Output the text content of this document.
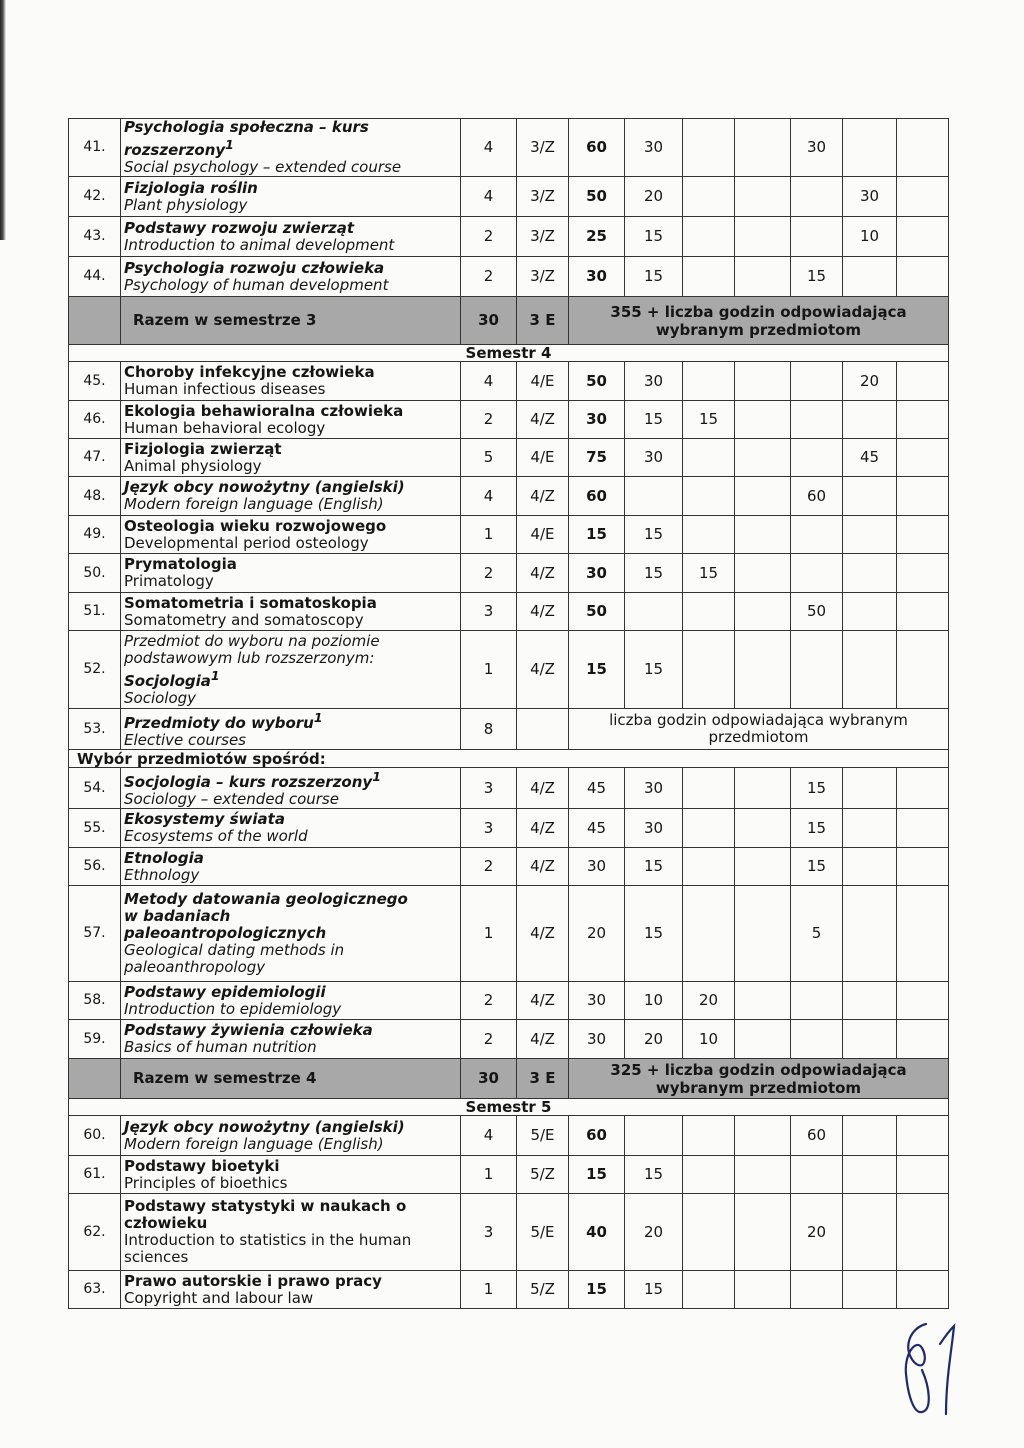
41.	Psychologia społeczna – kurs rozszerzony$^1$
Social psychology – extended course	4	3/Z	60	30			30		
42.	Fizjologia roślin
Plant physiology	4	3/Z	50	20				30	
43.	Podstawy rozwoju zwierząt
Introduction to animal development	2	3/Z	25	15				10	
44.	Psychologia rozwoju człowieka
Psychology of human development	2	3/Z	30	15			15		
	Razem w semestrze 3	30	3 E	355 + liczba godzin odpowiadająca
wybranym przedmiotom						

Semestr 4										
45.	Choroby infekcyjne człowieka
Human infectious diseases	4	4/E	50	30				20	
46.	Ekologia behawioralna człowieka
Human behavioral ecology	2	4/Z	30	15	15				
47.	Fizjologia zwierząt
Animal physiology	5	4/E	75	30				45	
48.	Język obcy nowożytny (angielski)
Modern foreign language (English)	4	4/Z	60				60		
49.	Osteologia wieku rozwojowego
Developmental period osteology	1	4/E	15	15					
50.	Prymatologia
Primatology	2	4/Z	30	15	15				
51.	Somatometria i somatoskopia
Somatometry and somatoscopy	3	4/Z	50				50		
52.	Przedmiot do wyboru na poziomie
podstawowym lub rozszerzonym:
Socjologia$^1$
Sociology	1	4/Z	15	15					
53.	Przedmioty do wyboru$^1$
Elective courses	8		liczba godzin odpowiadająca wybranym
przedmiotom						

Wybór przedmiotów spośród:										
54.	Socjologia – kurs rozszerzony$^1$
Sociology – extended course	3	4/Z	45	30			15		
55.	Ekosystemy świata
Ecosystems of the world	3	4/Z	45	30			15		
56.	Etnologia
Ethnology	2	4/Z	30	15			15		
57.	Metody datowania geologicznego
w badaniach
paleoantropologicznych
Geological dating methods in
paleoanthropology	1	4/Z	20	15			5		
58.	Podstawy epidemiologii
Introduction to epidemiology	2	4/Z	30	10	20				
59.	Podstawy żywienia człowieka
Basics of human nutrition	2	4/Z	30	20	10				
	Razem w semestrze 4	30	3 E	325 + liczba godzin odpowiadająca
wybranym przedmiotom						

Semestr 5										
60.	Język obcy nowożytny (angielski)
Modern foreign language (English)	4	5/E	60				60		
61.	Podstawy bioetyki
Principles of bioethics	1	5/Z	15	15					
62.	Podstawy statystyki w naukach o
człowieku
Introduction to statistics in the human
sciences	3	5/E	40	20			20		
63.	Prawo autorskie i prawo pracy
Copyright and labour law	1	5/Z	15	15					
